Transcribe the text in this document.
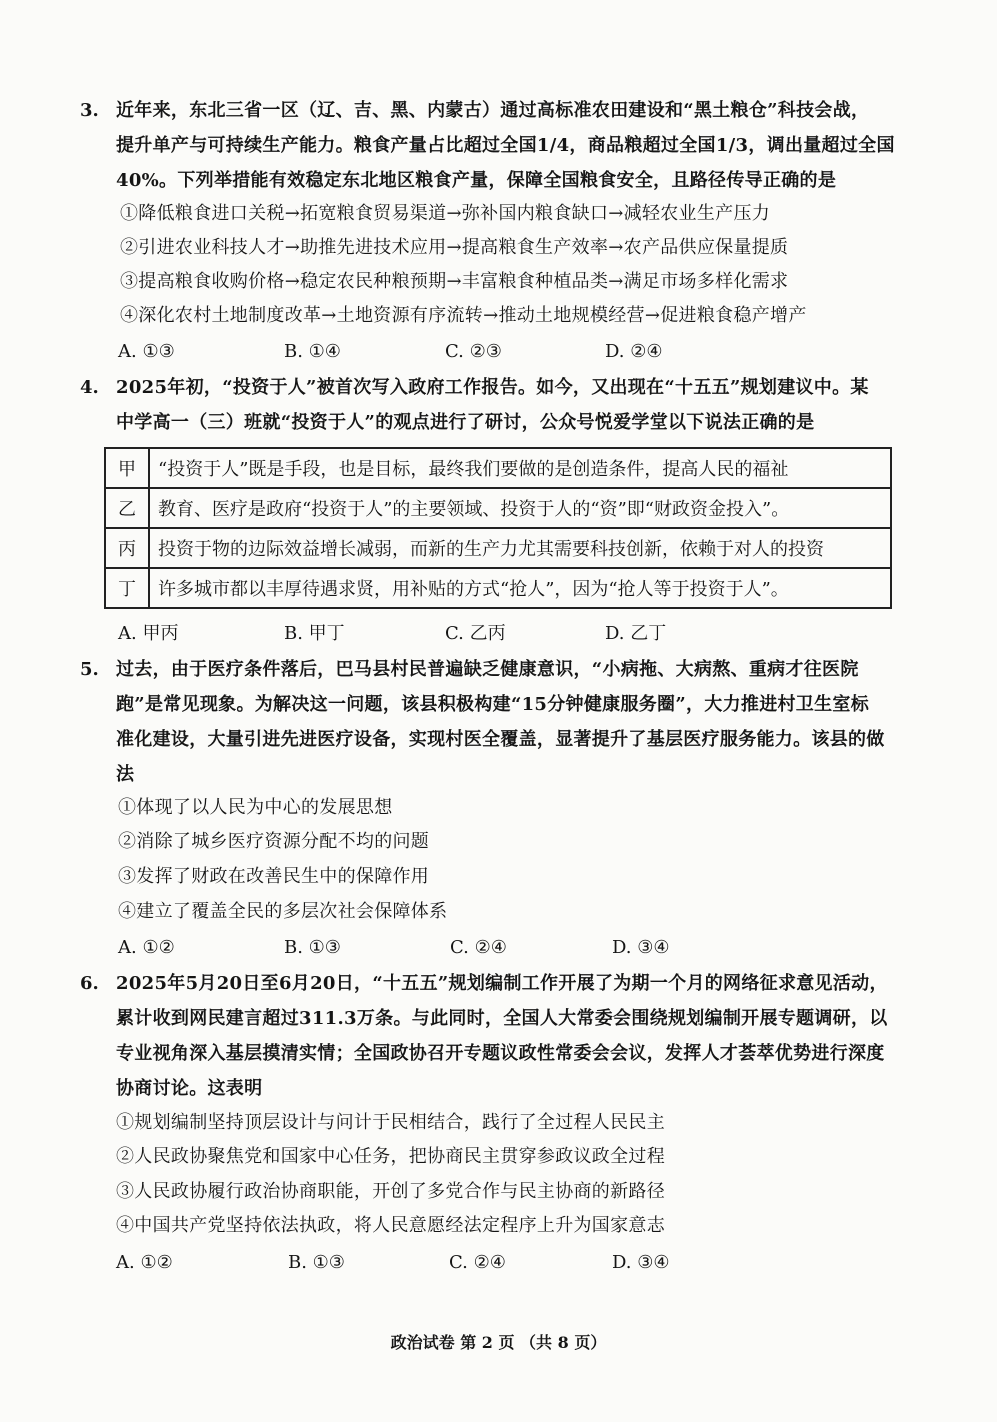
3. 近年来，东北三省一区（辽、吉、黑、内蒙古）通过高标准农田建设和“黑土粮仓”科技会战，
提升单产与可持续生产能力。粮食产量占比超过全国1/4，商品粮超过全国1/3，调出量超过全国
40%。下列举措能有效稳定东北地区粮食产量，保障全国粮食安全，且路径传导正确的是
①降低粮食进口关税→拓宽粮食贸易渠道→弥补国内粮食缺口→减轻农业生产压力
②引进农业科技人才→助推先进技术应用→提高粮食生产效率→农产品供应保量提质
③提高粮食收购价格→稳定农民种粮预期→丰富粮食种植品类→满足市场多样化需求
④深化农村土地制度改革→土地资源有序流转→推动土地规模经营→促进粮食稳产增产
A. ①③	B. ①④	C. ②③	D. ②④
4. 2025年初，“投资于人”被首次写入政府工作报告。如今，又出现在“十五五”规划建议中。某
中学高一（三）班就“投资于人”的观点进行了研讨，公众号悦爱学堂以下说法正确的是
甲	“投资于人”既是手段，也是目标，最终我们要做的是创造条件，提高人民的福祉
乙	教育、医疗是政府“投资于人”的主要领域、投资于人的“资”即“财政资金投入”。
丙	投资于物的边际效益增长减弱，而新的生产力尤其需要科技创新，依赖于对人的投资
丁	许多城市都以丰厚待遇求贤，用补贴的方式“抢人”，因为“抢人等于投资于人”。
A. 甲丙	B. 甲丁	C. 乙丙	D. 乙丁
5. 过去，由于医疗条件落后，巴马县村民普遍缺乏健康意识，“小病拖、大病熬、重病才往医院
跑”是常见现象。为解决这一问题，该县积极构建“15分钟健康服务圈”，大力推进村卫生室标
准化建设，大量引进先进医疗设备，实现村医全覆盖，显著提升了基层医疗服务能力。该县的做
法
①体现了以人民为中心的发展思想
②消除了城乡医疗资源分配不均的问题
③发挥了财政在改善民生中的保障作用
④建立了覆盖全民的多层次社会保障体系
A. ①②	B. ①③	C. ②④	D. ③④
6. 2025年5月20日至6月20日，“十五五”规划编制工作开展了为期一个月的网络征求意见活动，
累计收到网民建言超过311.3万条。与此同时，全国人大常委会围绕规划编制开展专题调研，以
专业视角深入基层摸清实情；全国政协召开专题议政性常委会会议，发挥人才荟萃优势进行深度
协商讨论。这表明
①规划编制坚持顶层设计与问计于民相结合，践行了全过程人民民主
②人民政协聚焦党和国家中心任务，把协商民主贯穿参政议政全过程
③人民政协履行政治协商职能，开创了多党合作与民主协商的新路径
④中国共产党坚持依法执政，将人民意愿经法定程序上升为国家意志
A. ①②	B. ①③	C. ②④	D. ③④
政治试卷 第 2 页 （共 8 页）
